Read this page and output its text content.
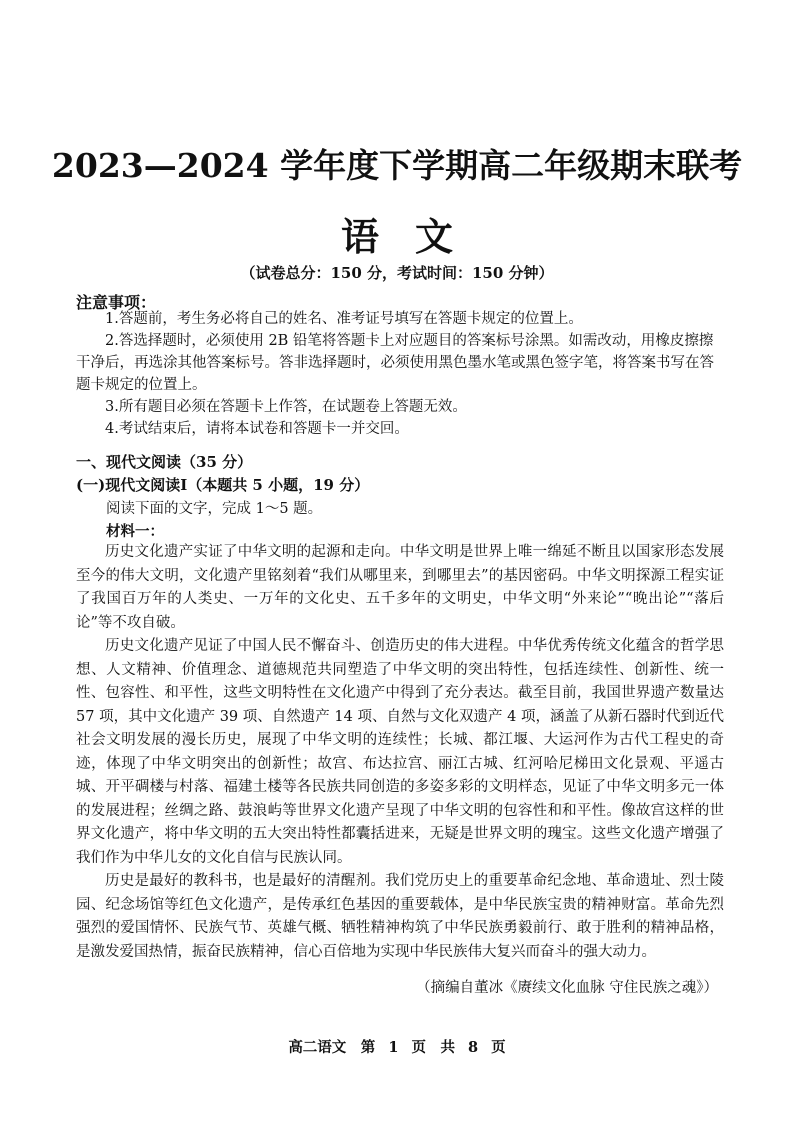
2023—2024 学年度下学期高二年级期末联考
语文
（试卷总分：150 分，考试时间：150 分钟）
注意事项：

1.答题前，考生务必将自己的姓名、准考证号填写在答题卡规定的位置上。

2.答选择题时，必须使用 2B 铅笔将答题卡上对应题目的答案标号涂黑。如需改动，用橡皮擦擦干净后，再选涂其他答案标号。答非选择题时，必须使用黑色墨水笔或黑色签字笔，将答案书写在答题卡规定的位置上。

3.所有题目必须在答题卡上作答，在试题卷上答题无效。

4.考试结束后，请将本试卷和答题卡一并交回。

一、现代文阅读（35 分）
(一)现代文阅读Ⅰ（本题共 5 小题，19 分）
阅读下面的文字，完成 1～5 题。
材料一：

历史文化遗产实证了中华文明的起源和走向。中华文明是世界上唯一绵延不断且以国家形态发展至今的伟大文明，文化遗产里铭刻着“我们从哪里来，到哪里去”的基因密码。中华文明探源工程实证了我国百万年的人类史、一万年的文化史、五千多年的文明史，中华文明“外来论”“晚出论”“落后论”等不攻自破。

历史文化遗产见证了中国人民不懈奋斗、创造历史的伟大进程。中华优秀传统文化蕴含的哲学思想、人文精神、价值理念、道德规范共同塑造了中华文明的突出特性，包括连续性、创新性、统一性、包容性、和平性，这些文明特性在文化遗产中得到了充分表达。截至目前，我国世界遗产数量达 57 项，其中文化遗产 39 项、自然遗产 14 项、自然与文化双遗产 4 项，涵盖了从新石器时代到近代社会文明发展的漫长历史，展现了中华文明的连续性；长城、都江堰、大运河作为古代工程史的奇迹，体现了中华文明突出的创新性；故宫、布达拉宫、丽江古城、红河哈尼梯田文化景观、平遥古城、开平碉楼与村落、福建土楼等各民族共同创造的多姿多彩的文明样态，见证了中华文明多元一体的发展进程；丝绸之路、鼓浪屿等世界文化遗产呈现了中华文明的包容性和和平性。像故宫这样的世界文化遗产，将中华文明的五大突出特性都囊括进来，无疑是世界文明的瑰宝。这些文化遗产增强了我们作为中华儿女的文化自信与民族认同。

历史是最好的教科书，也是最好的清醒剂。我们党历史上的重要革命纪念地、革命遗址、烈士陵园、纪念场馆等红色文化遗产，是传承红色基因的重要载体，是中华民族宝贵的精神财富。革命先烈强烈的爱国情怀、民族气节、英雄气概、牺牲精神构筑了中华民族勇毅前行、敢于胜利的精神品格，是激发爱国热情，振奋民族精神，信心百倍地为实现中华民族伟大复兴而奋斗的强大动力。

（摘编自董冰《赓续文化血脉 守住民族之魂》）
高二语文　第 1 页　共 8 页
